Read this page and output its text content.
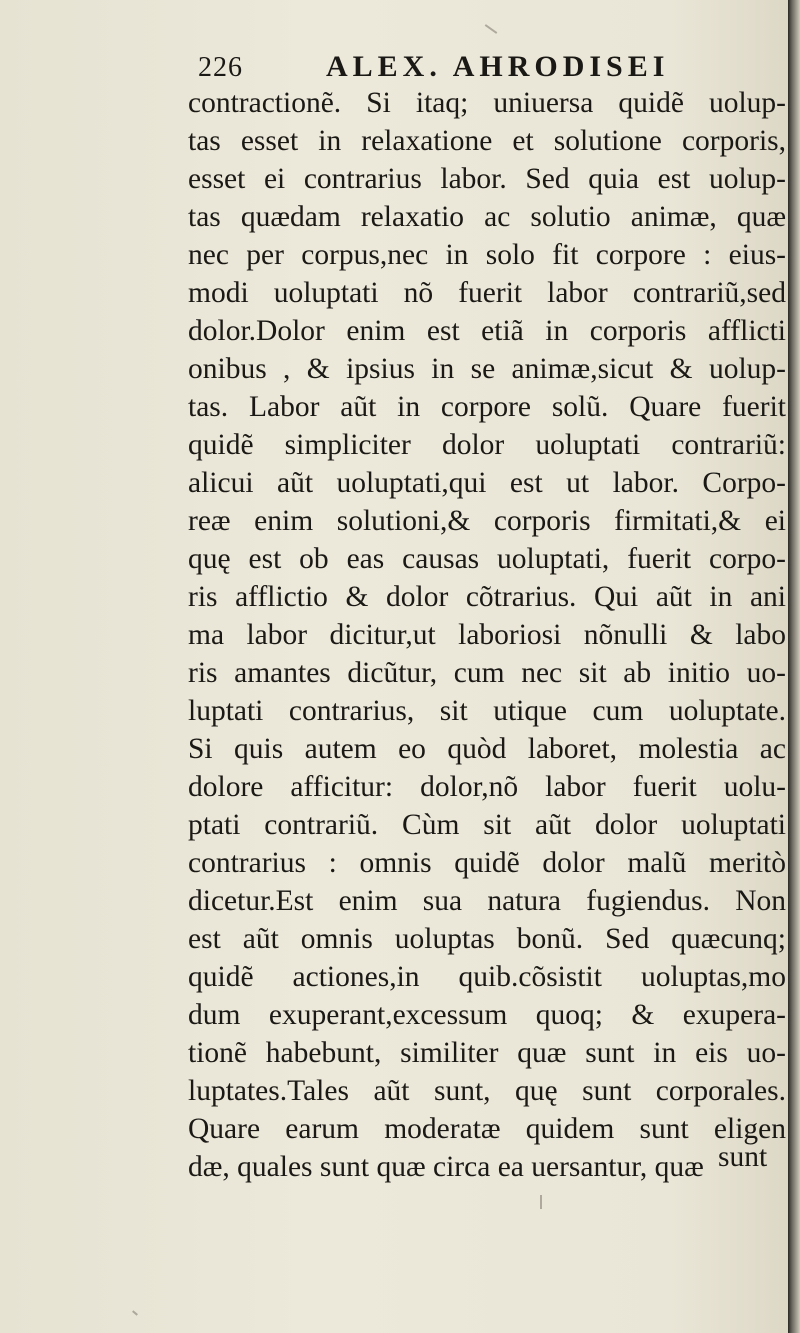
226	ALEX. AHRODISEI
contractionẽ. Si itaq; uniuersa quidẽ uolup-
tas esset in relaxatione et solutione corporis,
esset ei contrarius labor. Sed quia est uolup-
tas quædam relaxatio ac solutio animæ, quæ
nec per corpus,nec in solo fit corpore : eius-
modi uoluptati nõ fuerit labor contrariũ,sed
dolor.Dolor enim est etiã in corporis afflicti
onibus , & ipsius in se animæ,sicut & uolup-
tas. Labor aũt in corpore solũ. Quare fuerit
quidẽ simpliciter dolor uoluptati contrariũ:
alicui aũt uoluptati,qui est ut labor. Corpo-
reæ enim solutioni,& corporis firmitati,& ei
quę est ob eas causas uoluptati, fuerit corpo-
ris afflictio & dolor cõtrarius. Qui aũt in ani
ma labor dicitur,ut laboriosi nõnulli & labo
ris amantes dicũtur, cum nec sit ab initio uo-
luptati contrarius, sit utique cum uoluptate.
Si quis autem eo quòd laboret, molestia ac
dolore afficitur: dolor,nõ labor fuerit uolu-
ptati contrariũ. Cùm sit aũt dolor uoluptati
contrarius : omnis quidẽ dolor malũ meritò
dicetur.Est enim sua natura fugiendus. Non
est aũt omnis uoluptas bonũ. Sed quæcunq;
quidẽ actiones,in quib.cõsistit uoluptas,mo
dum exuperant,excessum quoq; & exupera-
tionẽ habebunt, similiter quæ sunt in eis uo-
luptates.Tales aũt sunt, quę sunt corporales.
Quare earum moderatæ quidem sunt eligen
dæ, quales sunt quæ circa ea uersantur, quæ sunt
